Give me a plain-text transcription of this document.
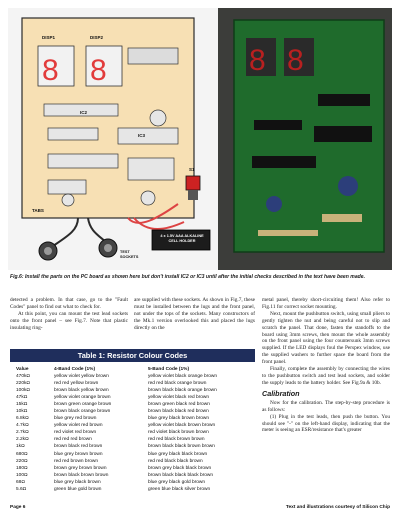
8 8
DISP1	DISP2
IC2
IC3
TABS
S1
4 x 1.5V AAA ALKALINE CELL HOLDER
TEST SOCKETS
8 8
Fig.6: Install the parts on the PC board as shown here but don't install IC2 or IC3 until after the initial checks described in the text have been made.

detected a problem. In that case, go to the "Fault Codes" panel to find out what to check for.

At this point, you can mount the test lead sockets onto the front panel – see Fig.7. Note that plastic insulating ring-

are supplied with these sockets. As shown in Fig.7, these must be installed between the lugs and the front panel, not under the tops of the sockets. Many constructors of the Mk.1 version overlooked this and placed the lugs directly on the

metal panel, thereby short-circuiting them! Also refer to Fig.11 for correct socket mounting.

Next, mount the pushbutton switch, using small pliers to gently tighten the nut and being careful not to slip and scratch the panel. That done, fasten the standoffs to the board using 3mm screws, then mount the whole assembly on the front panel using the four countersunk 3mm screws supplied. If the LED displays foul the Perspex window, use the supplied washers to further space the board from the front panel.

Finally, complete the assembly by connecting the wires to the pushbutton switch and test lead sockets, and solder the supply leads to the battery holder. See Fig.9a & 10b.

Calibration

Now for the calibration. The step-by-step procedure is as follows:

(1) Plug in the test leads, then push the button. You should see "-" on the left-hand display, indicating that the meter is seeing an ESR/resistance that's greater

Table 1: Resistor Colour Codes
Value	4-Band Code (1%)	5-Band Code (1%)
470kΩ	yellow violet yellow brown	yellow violet black orange brown
220kΩ	red red yellow brown	red red black orange brown
100kΩ	brown black yellow brown	brown black black orange brown
47kΩ	yellow violet orange brown	yellow violet black red brown
15kΩ	brown green orange brown	brown green black red brown
10kΩ	brown black orange brown	brown black black red brown
6.8kΩ	blue grey red brown	blue grey black brown brown
4.7kΩ	yellow violet red brown	yellow violet black brown brown
2.7kΩ	red violet red brown	red violet black brown brown
2.2kΩ	red red red brown	red red black brown brown
1kΩ	brown black red brown	brown black black brown brown
680Ω	blue grey brown brown	blue grey black black brown
220Ω	red red brown brown	red red black black brown
180Ω	brown grey brown brown	brown grey black black brown
100Ω	brown black brown brown	brown black black black brown
68Ω	blue grey black brown	blue grey black gold brown
5.6Ω	green blue gold brown	green blue black silver brown
Page 6	Text and illustrations courtesy of Silicon Chip
